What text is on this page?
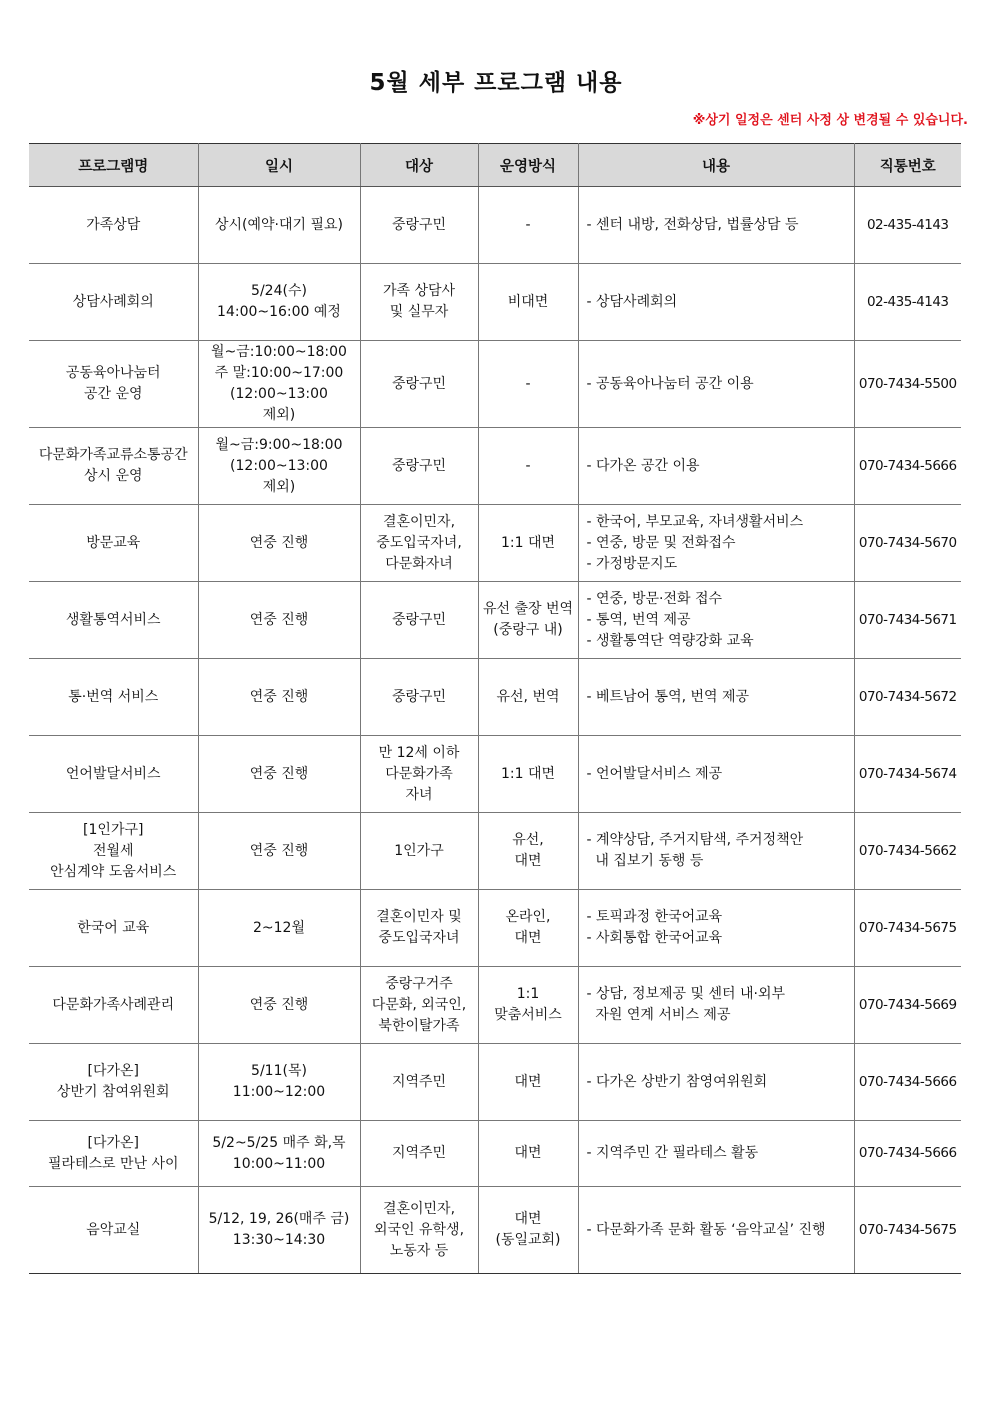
5월 세부 프로그램 내용
※상기 일정은 센터 사정 상 변경될 수 있습니다.
프로그램명	일시	대상	운영방식	내용	직통번호

가족상담	상시(예약·대기 필요)	중랑구민	-	- 센터 내방, 전화상담, 법률상담 등	02-435-4143

상담사례회의	5/24(수)
14:00~16:00 예정	가족 상담사
및 실무자	비대면	- 상담사례회의	02-435-4143

공동육아나눔터
공간 운영	월~금:10:00~18:00
주 말:10:00~17:00
(12:00~13:00
제외)	중랑구민	-	- 공동육아나눔터 공간 이용	070-7434-5500

다문화가족교류소통공간
상시 운영	월~금:9:00~18:00
(12:00~13:00
제외)	중랑구민	-	- 다가온 공간 이용	070-7434-5666

방문교육	연중 진행	결혼이민자,
중도입국자녀,
다문화자녀	1:1 대면	- 한국어, 부모교육, 자녀생활서비스
- 연중, 방문 및 전화접수
- 가정방문지도	070-7434-5670

생활통역서비스	연중 진행	중랑구민	유선 출장 번역
(중랑구 내)	- 연중, 방문·전화 접수
- 통역, 번역 제공
- 생활통역단 역량강화 교육	070-7434-5671

통·번역 서비스	연중 진행	중랑구민	유선, 번역	- 베트남어 통역, 번역 제공	070-7434-5672

언어발달서비스	연중 진행	만 12세 이하
다문화가족
자녀	1:1 대면	- 언어발달서비스 제공	070-7434-5674

[1인가구]
전월세
안심계약 도움서비스	연중 진행	1인가구	유선,
대면	- 계약상담, 주거지탐색, 주거정책안
내 집보기 동행 등	070-7434-5662

한국어 교육	2~12월	결혼이민자 및
중도입국자녀	온라인,
대면	- 토픽과정 한국어교육
- 사회통합 한국어교육	070-7434-5675

다문화가족사례관리	연중 진행	중랑구거주
다문화, 외국인,
북한이탈가족	1:1
맞춤서비스	- 상담, 정보제공 및 센터 내·외부
자원 연계 서비스 제공	070-7434-5669

[다가온]
상반기 참여위원회	5/11(목)
11:00~12:00	지역주민	대면	- 다가온 상반기 참영여위원회	070-7434-5666

[다가온]
필라테스로 만난 사이	5/2~5/25 매주 화,목
10:00~11:00	지역주민	대면	- 지역주민 간 필라테스 활동	070-7434-5666

음악교실	5/12, 19, 26(매주 금)
13:30~14:30	결혼이민자,
외국인 유학생,
노동자 등	대면
(동일교회)	- 다문화가족 문화 활동 ‘음악교실’ 진행	070-7434-5675
